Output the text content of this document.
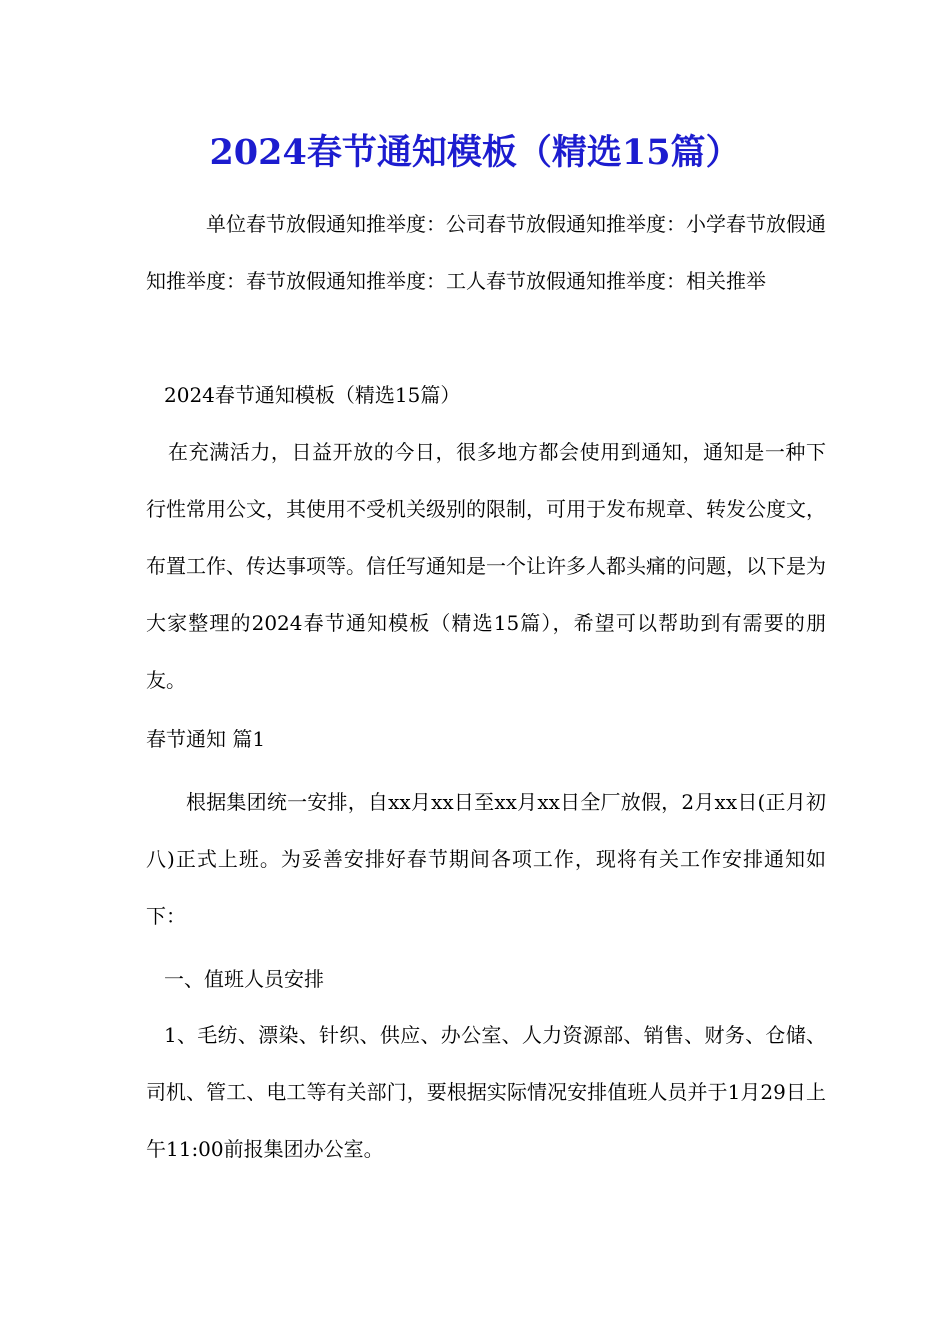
2024春节通知模板（精选15篇）
单位春节放假通知推举度：公司春节放假通知推举度：小学春节放假通知推举度：春节放假通知推举度：工人春节放假通知推举度：相关推举
2024春节通知模板（精选15篇）
在充满活力，日益开放的今日，很多地方都会使用到通知，通知是一种下行性常用公文，其使用不受机关级别的限制，可用于发布规章、转发公度文，布置工作、传达事项等。信任写通知是一个让许多人都头痛的问题，以下是为大家整理的2024春节通知模板（精选15篇），希望可以帮助到有需要的朋友。
春节通知 篇1
根据集团统一安排，自xx月xx日至xx月xx日全厂放假，2月xx日(正月初八)正式上班。为妥善安排好春节期间各项工作，现将有关工作安排通知如下：
一、值班人员安排
1、毛纺、漂染、针织、供应、办公室、人力资源部、销售、财务、仓储、司机、管工、电工等有关部门，要根据实际情况安排值班人员并于1月29日上午11:00前报集团办公室。
